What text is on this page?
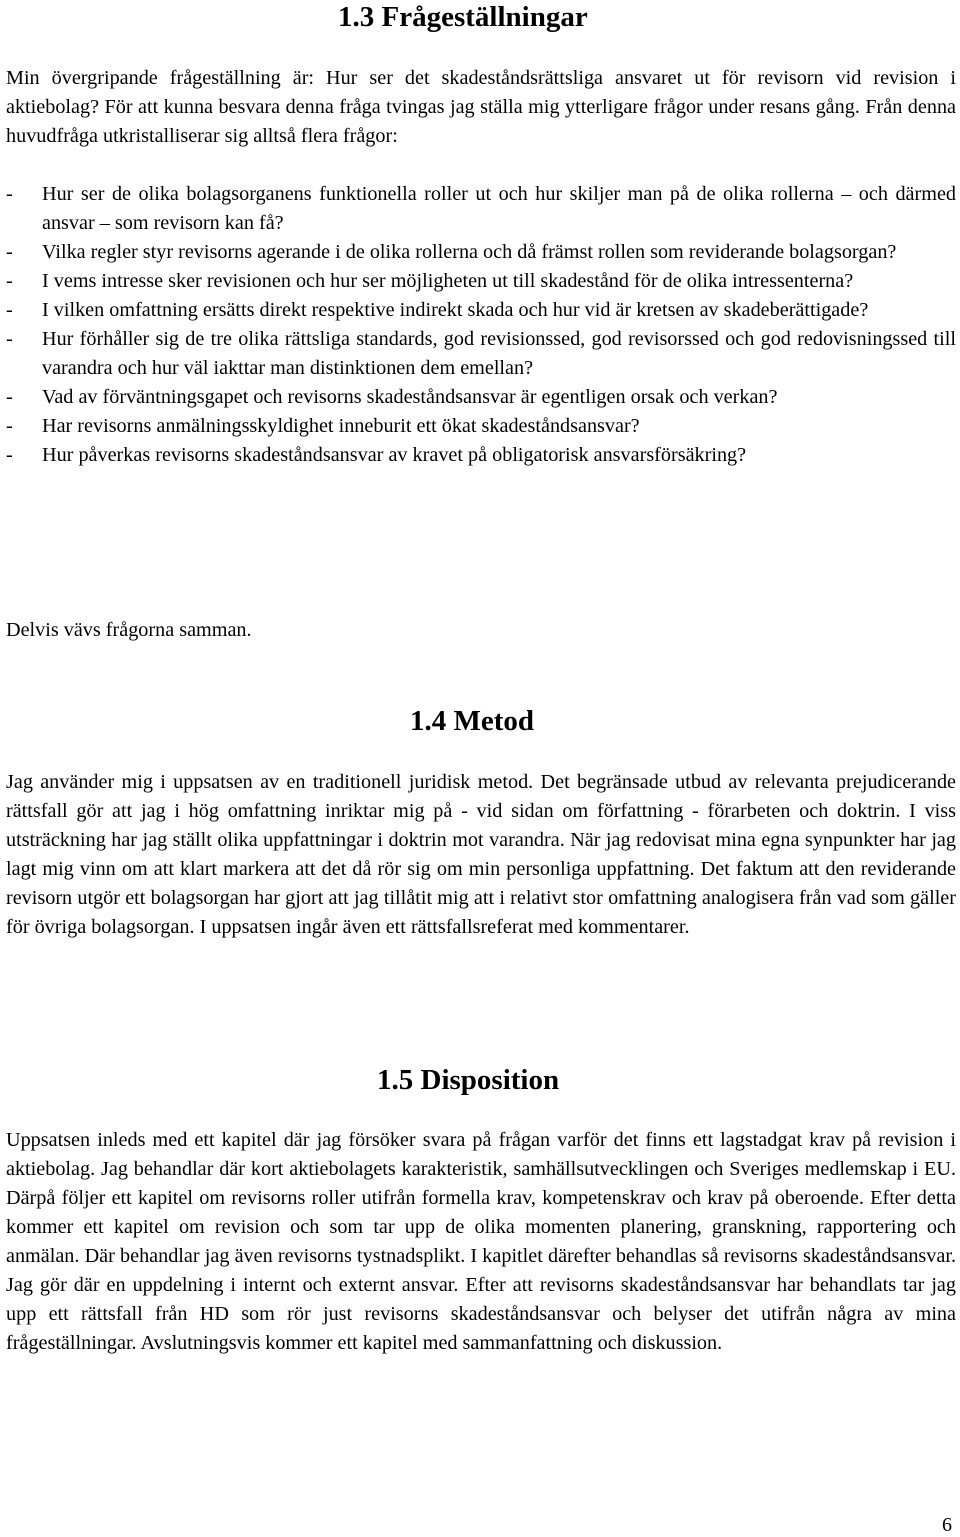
1.3 Frågeställningar

Min övergripande frågeställning är: Hur ser det skadeståndsrättsliga ansvaret ut för revisorn vid revision i aktiebolag? För att kunna besvara denna fråga tvingas jag ställa mig ytterligare frågor under resans gång. Från denna huvudfråga utkristalliserar sig alltså flera frågor:

- Hur ser de olika bolagsorganens funktionella roller ut och hur skiljer man på de olika rollerna – och därmed ansvar – som revisorn kan få?
- Vilka regler styr revisorns agerande i de olika rollerna och då främst rollen som reviderande bolagsorgan?
- I vems intresse sker revisionen och hur ser möjligheten ut till skadestånd för de olika intressenterna?
- I vilken omfattning ersätts direkt respektive indirekt skada och hur vid är kretsen av skadeberättigade?
- Hur förhåller sig de tre olika rättsliga standards, god revisionssed, god revisorssed och god redovisningssed till varandra och hur väl iakttar man distinktionen dem emellan?
- Vad av förväntningsgapet och revisorns skadeståndsansvar är egentligen orsak och verkan?
- Har revisorns anmälningsskyldighet inneburit ett ökat skadeståndsansvar?
- Hur påverkas revisorns skadeståndsansvar av kravet på obligatorisk ansvarsförsäkring?

Delvis vävs frågorna samman.

1.4 Metod

Jag använder mig i uppsatsen av en traditionell juridisk metod. Det begränsade utbud av relevanta prejudicerande rättsfall gör att jag i hög omfattning inriktar mig på - vid sidan om författning - förarbeten och doktrin. I viss utsträckning har jag ställt olika uppfattningar i doktrin mot varandra. När jag redovisat mina egna synpunkter har jag lagt mig vinn om att klart markera att det då rör sig om min personliga uppfattning. Det faktum att den reviderande revisorn utgör ett bolagsorgan har gjort att jag tillåtit mig att i relativt stor omfattning analogisera från vad som gäller för övriga bolagsorgan. I uppsatsen ingår även ett rättsfallsreferat med kommentarer.

1.5 Disposition

Uppsatsen inleds med ett kapitel där jag försöker svara på frågan varför det finns ett lagstadgat krav på revision i aktiebolag. Jag behandlar där kort aktiebolagets karakteristik, samhällsutvecklingen och Sveriges medlemskap i EU. Därpå följer ett kapitel om revisorns roller utifrån formella krav, kompetenskrav och krav på oberoende. Efter detta kommer ett kapitel om revision och som tar upp de olika momenten planering, granskning, rapportering och anmälan. Där behandlar jag även revisorns tystnadsplikt. I kapitlet därefter behandlas så revisorns skadeståndsansvar. Jag gör där en uppdelning i internt och externt ansvar. Efter att revisorns skadeståndsansvar har behandlats tar jag upp ett rättsfall från HD som rör just revisorns skadeståndsansvar och belyser det utifrån några av mina frågeställningar. Avslutningsvis kommer ett kapitel med sammanfattning och diskussion.

6
